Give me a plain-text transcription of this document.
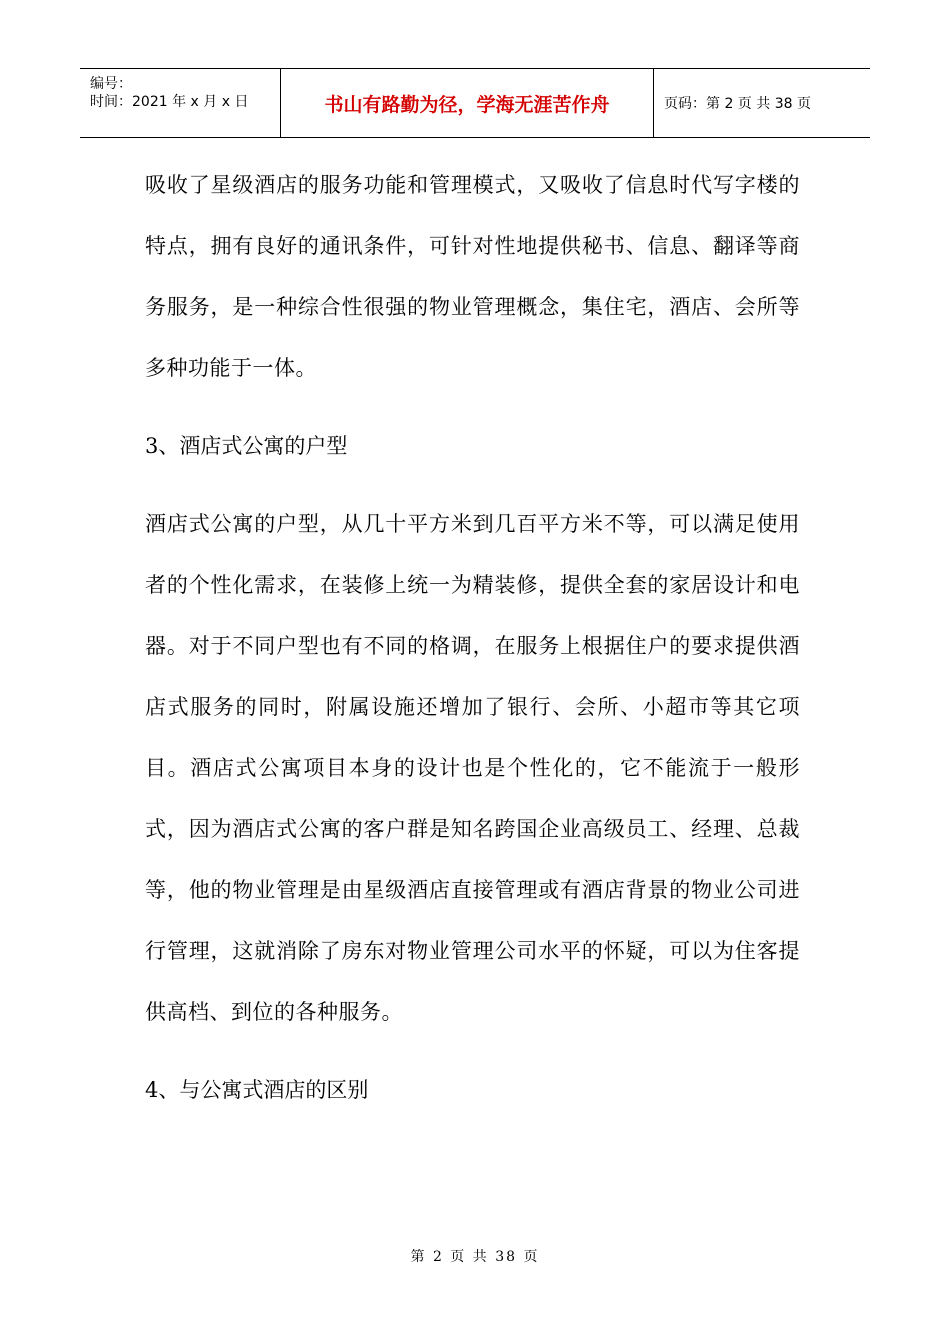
编号：
时间：2021 年 x 月 x 日	书山有路勤为径，学海无涯苦作舟	页码：第 2 页 共 38 页

吸收了星级酒店的服务功能和管理模式，又吸收了信息时代写字楼的特点，拥有良好的通讯条件，可针对性地提供秘书、信息、翻译等商务服务，是一种综合性很强的物业管理概念，集住宅，酒店、会所等多种功能于一体。

3、酒店式公寓的户型

酒店式公寓的户型，从几十平方米到几百平方米不等，可以满足使用者的个性化需求，在装修上统一为精装修，提供全套的家居设计和电器。对于不同户型也有不同的格调，在服务上根据住户的要求提供酒店式服务的同时，附属设施还增加了银行、会所、小超市等其它项目。酒店式公寓项目本身的设计也是个性化的，它不能流于一般形式，因为酒店式公寓的客户群是知名跨国企业高级员工、经理、总裁等，他的物业管理是由星级酒店直接管理或有酒店背景的物业公司进行管理，这就消除了房东对物业管理公司水平的怀疑，可以为住客提供高档、到位的各种服务。

4、与公寓式酒店的区别

第 2 页 共 38 页
